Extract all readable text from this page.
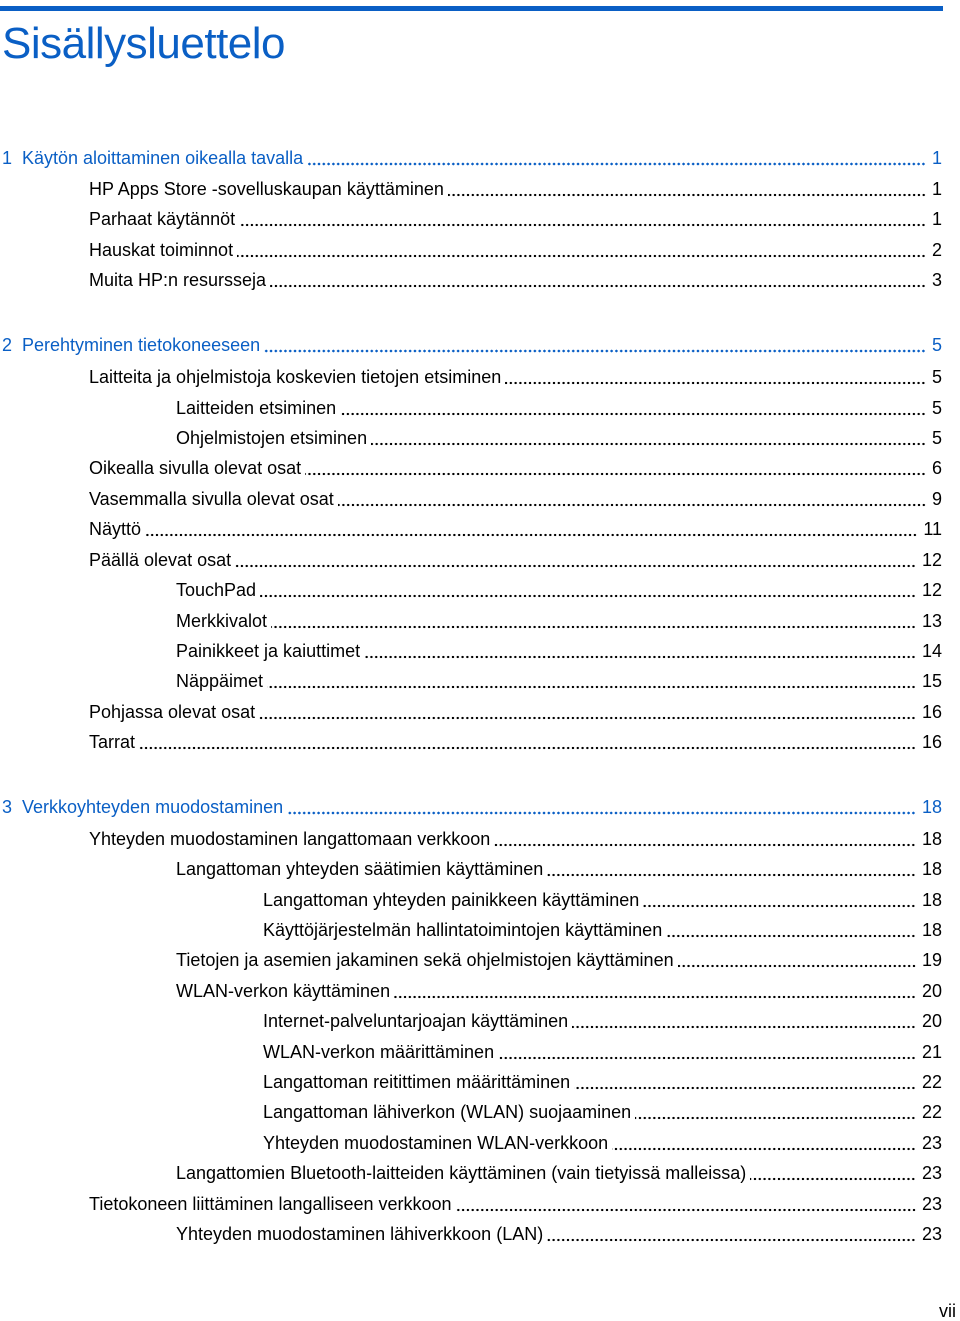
Sisällysluettelo
1 Käytön aloittaminen oikealla tavalla	1
HP Apps Store -sovelluskaupan käyttäminen	1
Parhaat käytännöt	1
Hauskat toiminnot	2
Muita HP:n resursseja	3
2 Perehtyminen tietokoneeseen	5
Laitteita ja ohjelmistoja koskevien tietojen etsiminen	5
Laitteiden etsiminen	5
Ohjelmistojen etsiminen	5
Oikealla sivulla olevat osat	6
Vasemmalla sivulla olevat osat	9
Näyttö	11
Päällä olevat osat	12
TouchPad	12
Merkkivalot	13
Painikkeet ja kaiuttimet	14
Näppäimet	15
Pohjassa olevat osat	16
Tarrat	16
3 Verkkoyhteyden muodostaminen	18
Yhteyden muodostaminen langattomaan verkkoon	18
Langattoman yhteyden säätimien käyttäminen	18
Langattoman yhteyden painikkeen käyttäminen	18
Käyttöjärjestelmän hallintatoimintojen käyttäminen	18
Tietojen ja asemien jakaminen sekä ohjelmistojen käyttäminen	19
WLAN-verkon käyttäminen	20
Internet-palveluntarjoajan käyttäminen	20
WLAN-verkon määrittäminen	21
Langattoman reitittimen määrittäminen	22
Langattoman lähiverkon (WLAN) suojaaminen	22
Yhteyden muodostaminen WLAN-verkkoon	23
Langattomien Bluetooth-laitteiden käyttäminen (vain tietyissä malleissa)	23
Tietokoneen liittäminen langalliseen verkkoon	23
Yhteyden muodostaminen lähiverkkoon (LAN)	23
vii
